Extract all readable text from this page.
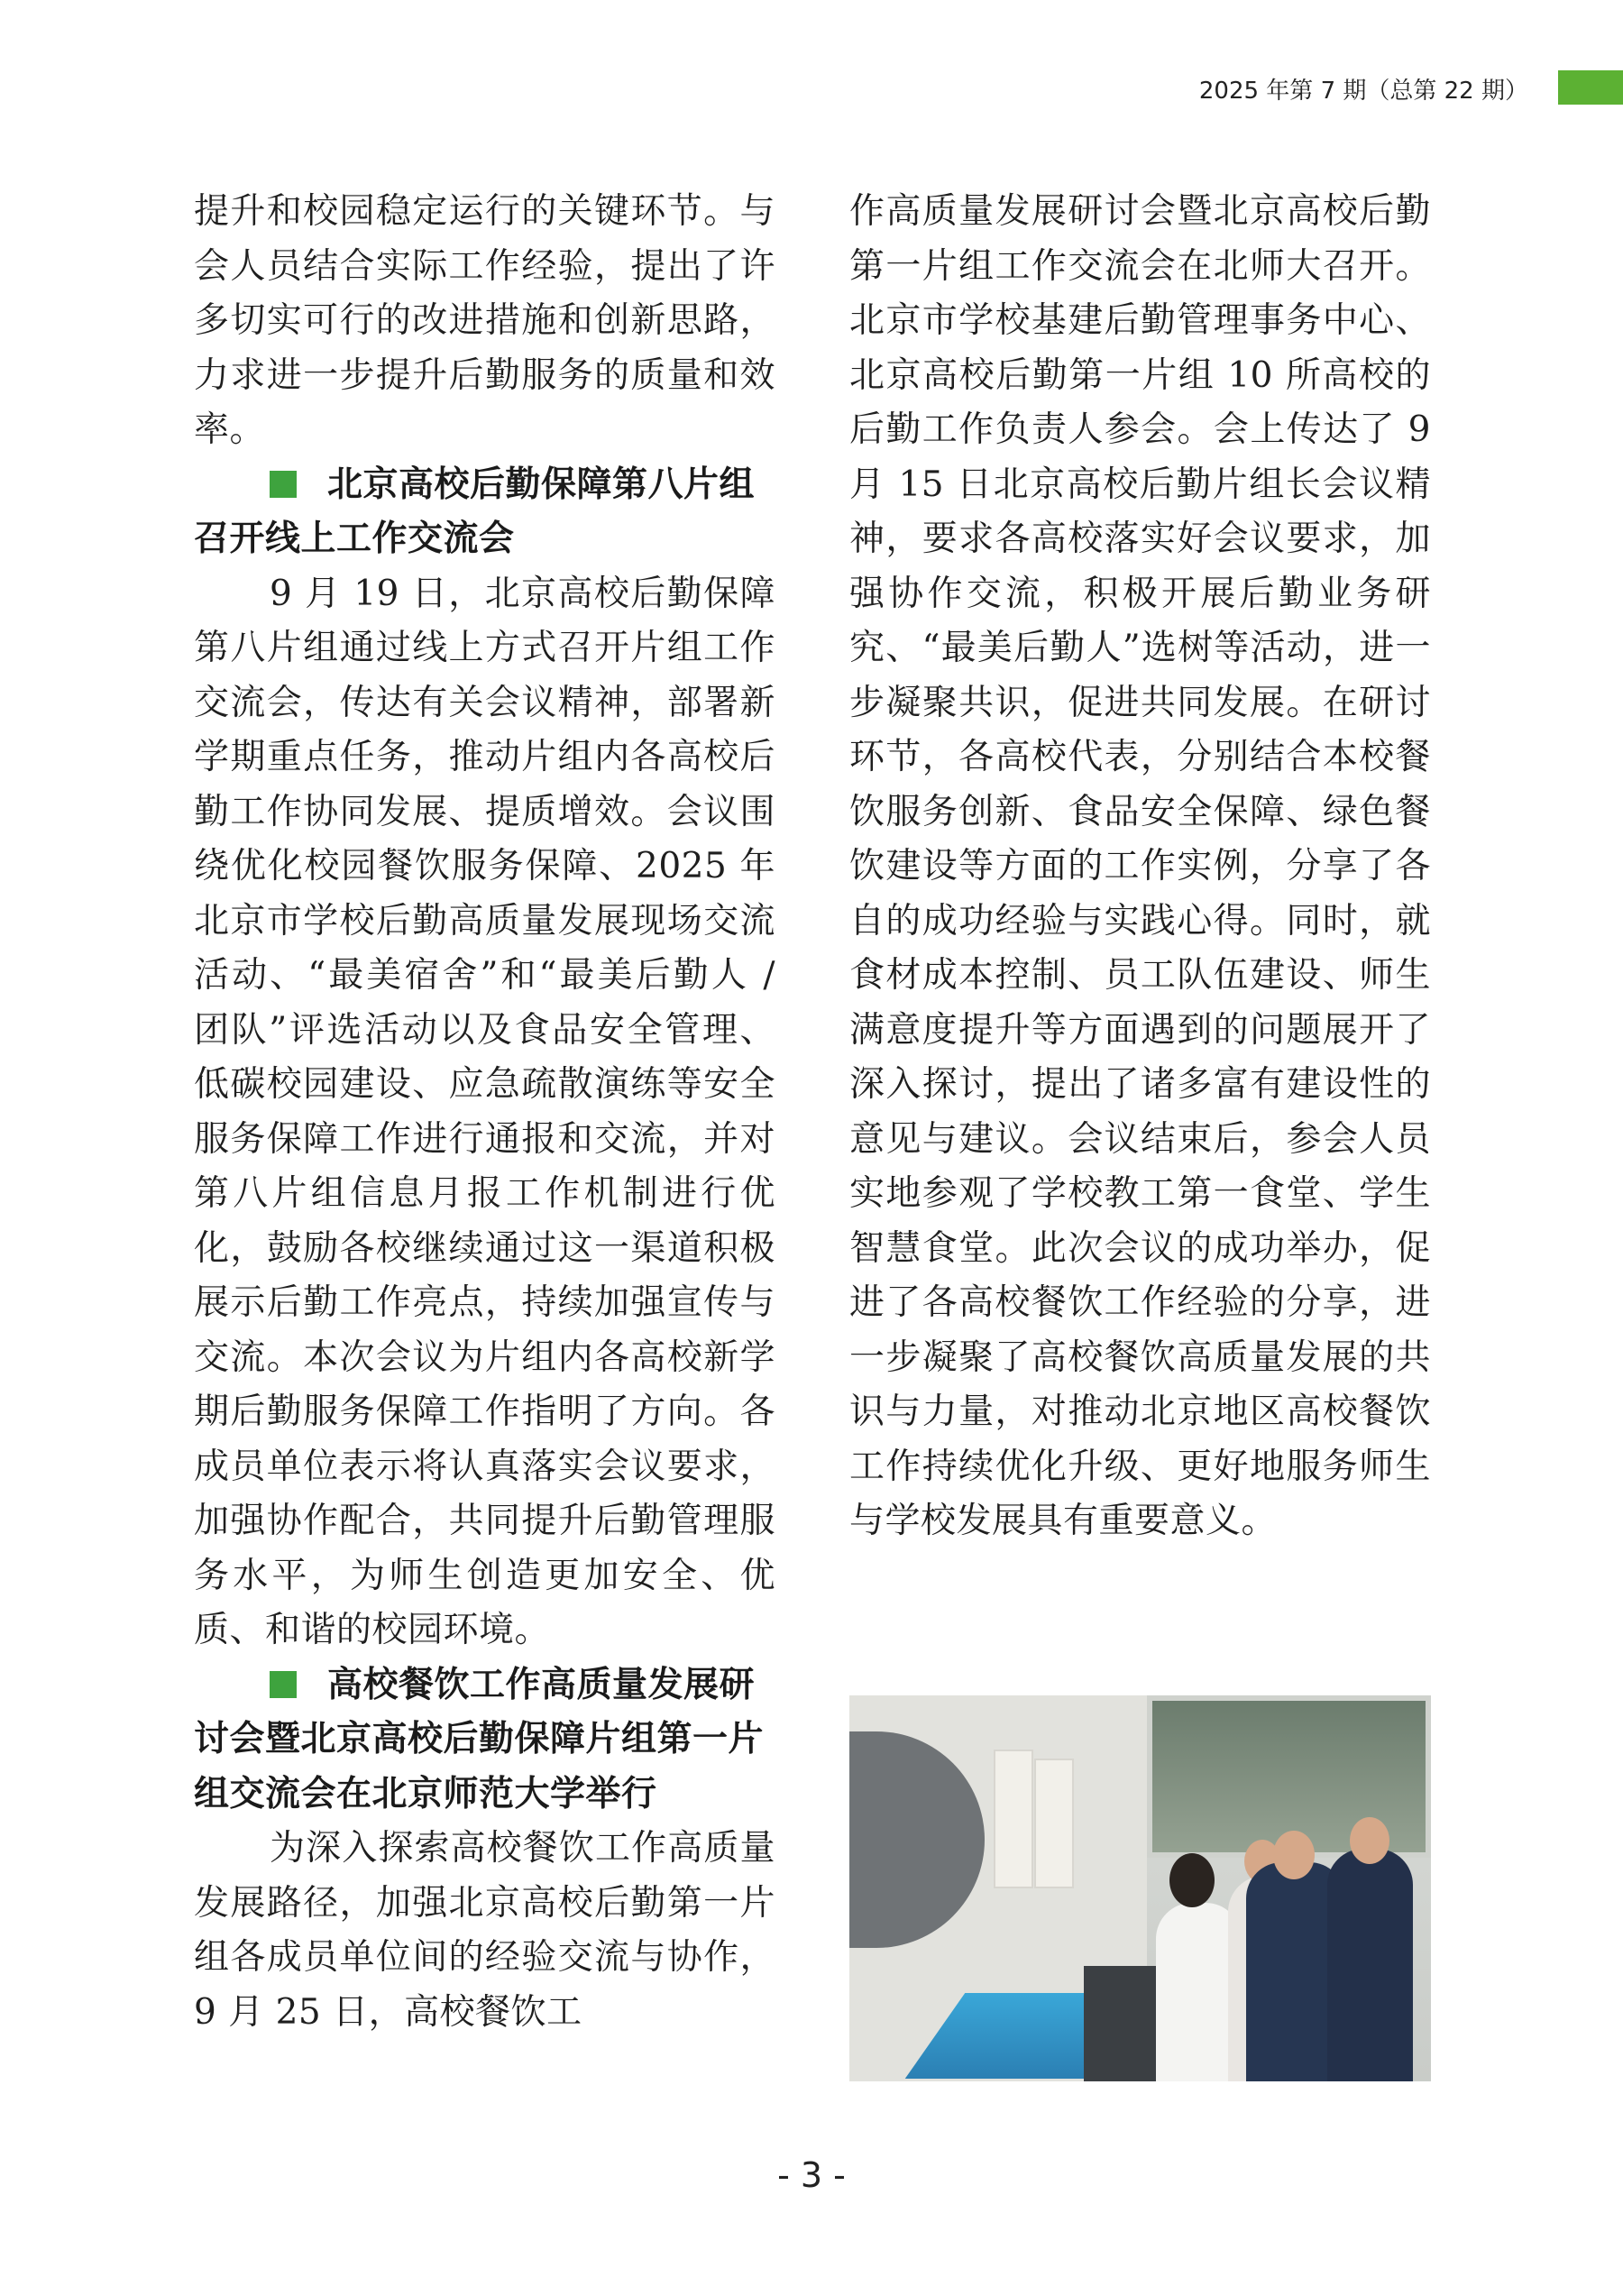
2025 年第 7 期（总第 22 期）

提升和校园稳定运行的关键环节。与会人员结合实际工作经验，提出了许多切实可行的改进措施和创新思路，力求进一步提升后勤服务的质量和效率。

北京高校后勤保障第八片组召开线上工作交流会

9 月 19 日，北京高校后勤保障第八片组通过线上方式召开片组工作交流会，传达有关会议精神，部署新学期重点任务，推动片组内各高校后勤工作协同发展、提质增效。会议围绕优化校园餐饮服务保障、2025 年北京市学校后勤高质量发展现场交流活动、“最美宿舍”和“最美后勤人 / 团队”评选活动以及食品安全管理、低碳校园建设、应急疏散演练等安全服务保障工作进行通报和交流，并对第八片组信息月报工作机制进行优化，鼓励各校继续通过这一渠道积极展示后勤工作亮点，持续加强宣传与交流。本次会议为片组内各高校新学期后勤服务保障工作指明了方向。各成员单位表示将认真落实会议要求，加强协作配合，共同提升后勤管理服务水平，为师生创造更加安全、优质、和谐的校园环境。

高校餐饮工作高质量发展研讨会暨北京高校后勤保障片组第一片组交流会在北京师范大学举行

为深入探索高校餐饮工作高质量发展路径，加强北京高校后勤第一片组各成员单位间的经验交流与协作，9 月 25 日，高校餐饮工

作高质量发展研讨会暨北京高校后勤第一片组工作交流会在北师大召开。北京市学校基建后勤管理事务中心、北京高校后勤第一片组 10 所高校的后勤工作负责人参会。会上传达了 9 月 15 日北京高校后勤片组长会议精神，要求各高校落实好会议要求，加强协作交流，积极开展后勤业务研究、“最美后勤人”选树等活动，进一步凝聚共识，促进共同发展。在研讨环节，各高校代表，分别结合本校餐饮服务创新、食品安全保障、绿色餐饮建设等方面的工作实例，分享了各自的成功经验与实践心得。同时，就食材成本控制、员工队伍建设、师生满意度提升等方面遇到的问题展开了深入探讨，提出了诸多富有建设性的意见与建议。会议结束后，参会人员实地参观了学校教工第一食堂、学生智慧食堂。此次会议的成功举办，促进了各高校餐饮工作经验的分享，进一步凝聚了高校餐饮高质量发展的共识与力量，对推动北京地区高校餐饮工作持续优化升级、更好地服务师生与学校发展具有重要意义。

- 3 -
